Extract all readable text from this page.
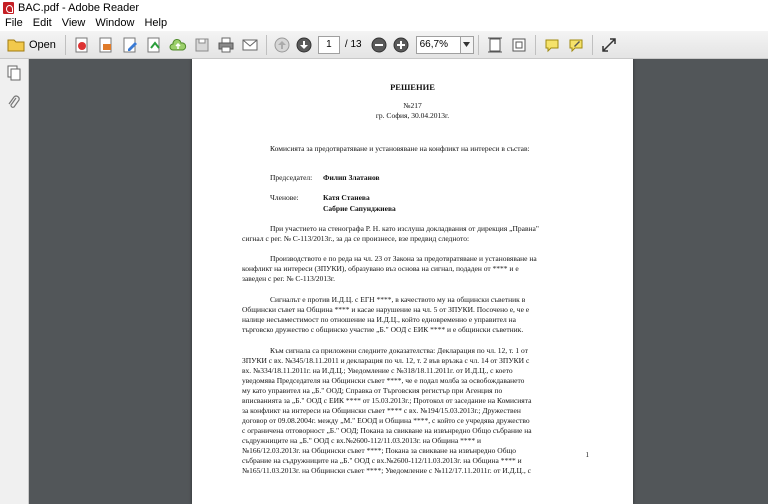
BAC.pdf - Adobe Reader
File Edit View Window Help
Open	1	/ 13	66,7%

РЕШЕНИЕ

№217

гр. София, 30.04.2013г.

Комисията за предотвратяване и установяване на конфликт на интереси в състав:

Председател: Филип Златанов

Членове:	Катя Станева

Сабрие Сапунджиева

При участието на стенографа Р. Н. като изслуша докладвания от дирекция „Правна"

сигнал с рег. № С-113/2013г., за да се произнесе, взе предвид следното:

Производството е по реда на чл. 23 от Закона за предотвратяване и установяване на

конфликт на интереси (ЗПУКИ), образувано въз основа на сигнал, подаден от **** и е

заведен с рег. № С-113/2013г.

Сигналът е против И.Д.Ц. с ЕГН ****, в качеството му на общински съветник в

Общински съвет на Община **** и касае нарушение на чл. 5 от ЗПУКИ. Посочено е, че е

налице несъвместимост по отношение на И.Д.Ц., който едновременно е управител на

търговско дружество с общинско участие „Б." ООД с ЕИК **** и е общински съветник.

Към сигнала са приложени следните доказателства: Декларация по чл. 12, т. 1 от

ЗПУКИ с вх. №345/18.11.2011 и декларация по чл. 12, т. 2 във връзка с чл. 14 от ЗПУКИ с

вх. №334/18.11.2011г. на И.Д.Ц.; Уведомление с №318/18.11.2011г. от И.Д.Ц., с което

уведомява Председателя на Общински съвет ****, че е подал молба за освобождаването

му като управител на „Б." ООД; Справка от Търговския регистър при Агенция по

вписванията за „Б." ООД с ЕИК **** от 15.03.2013г.; Протокол от заседание на Комисията

за конфликт на интереси на Общински съвет **** с вх. №194/15.03.2013г.; Дружествен

договор от 09.08.2004г. между „М." ЕООД и Община ****, с който се учредява дружество

с ограничена отговорност „Б." ООД; Покана за свикване на извънредно Общо събрание на

съдружниците на „Б." ООД с вх.№2600-112/11.03.2013г. на Община **** и

№166/12.03.2013г. на Общински съвет ****; Покана за свикване на извънредно Общо

събрание на съдружниците на „Б." ООД с вх.№2600-112/11.03.2013г. на Община **** и

№165/11.03.2013г. на Общински съвет ****; Уведомление с №112/17.11.2011г. от И.Д.Ц., с

1
